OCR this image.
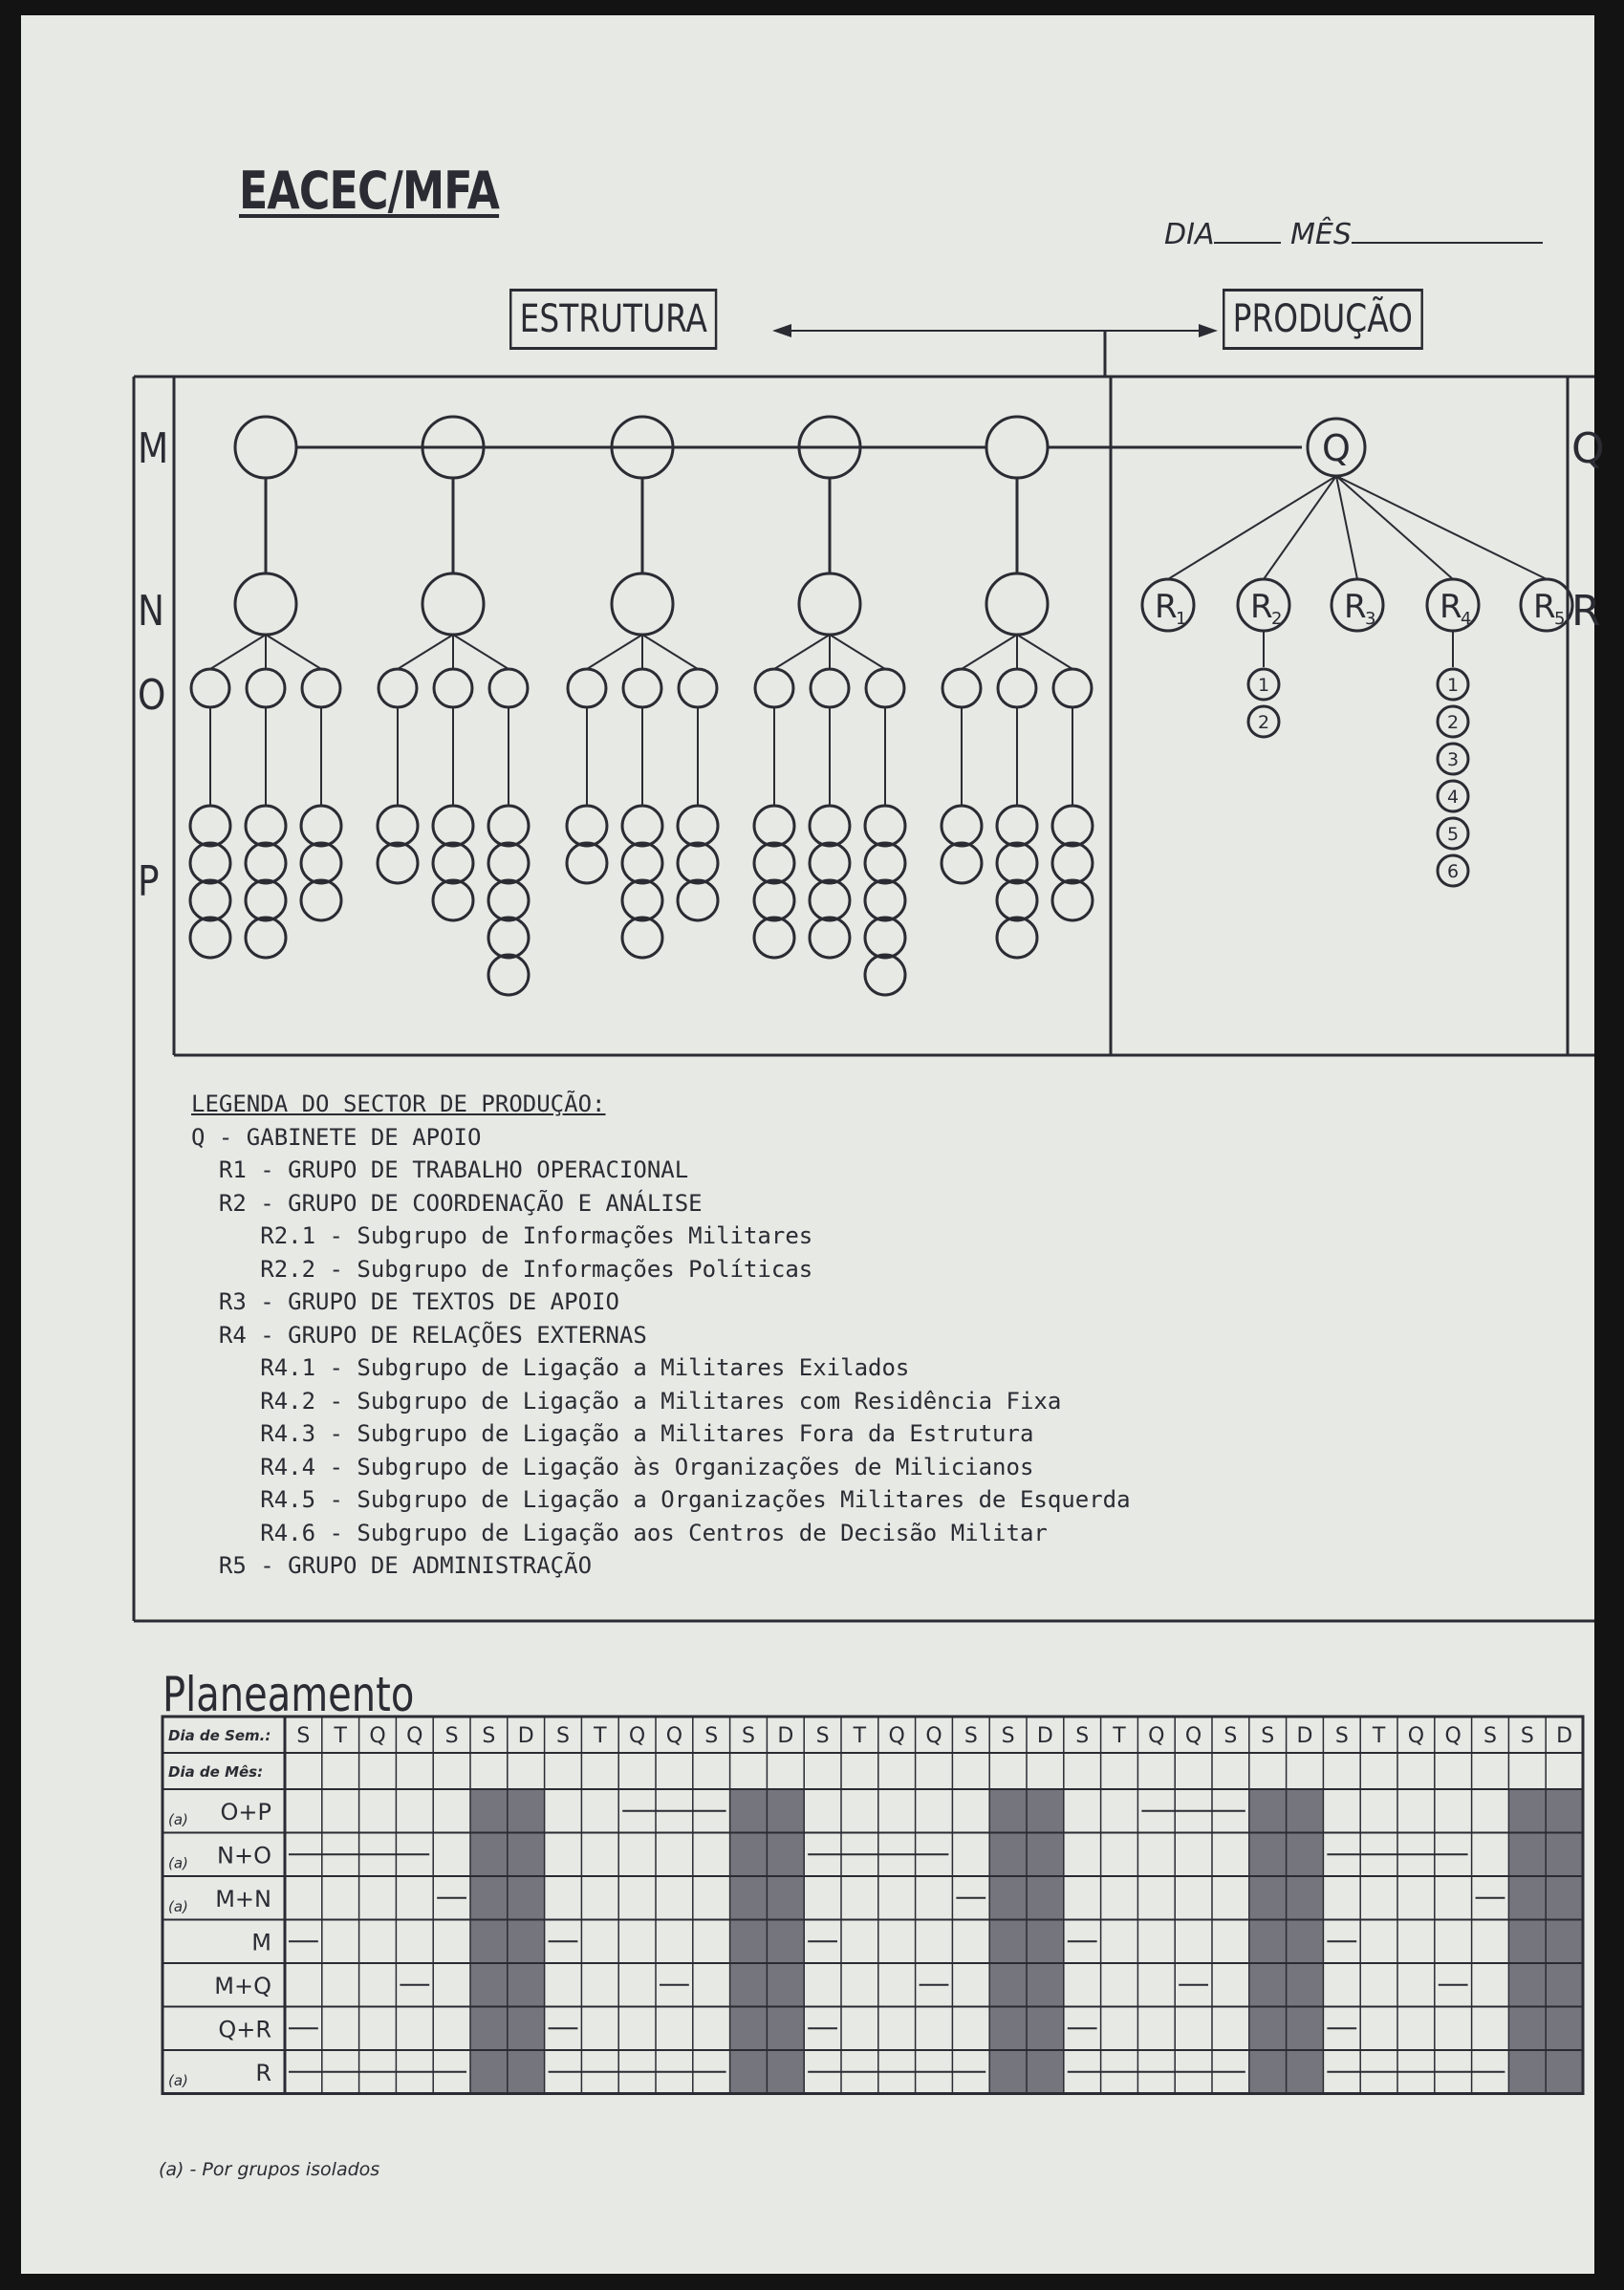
EACEC/MFA
DIA	MÊS
ESTRUTURA	PRODUÇÃO
M
N
O
P
Q
R
Q
R
1 R
2
1
2
R
3 R
4
1
2
3
4
5
6
R
5
LEGENDA DO SECTOR DE PRODUÇÃO:
Q - GABINETE DE APOIO
R1 - GRUPO DE TRABALHO OPERACIONAL
R2 - GRUPO DE COORDENAÇÃO E ANÁLISE
R2.1 - Subgrupo de Informações Militares
R2.2 - Subgrupo de Informações Políticas
R3 - GRUPO DE TEXTOS DE APOIO
R4 - GRUPO DE RELAÇÕES EXTERNAS
R4.1 - Subgrupo de Ligação a Militares Exilados
R4.2 - Subgrupo de Ligação a Militares com Residência Fixa
R4.3 - Subgrupo de Ligação a Militares Fora da Estrutura
R4.4 - Subgrupo de Ligação às Organizações de Milicianos
R4.5 - Subgrupo de Ligação a Organizações Militares de Esquerda
R4.6 - Subgrupo de Ligação aos Centros de Decisão Militar
R5 - GRUPO DE ADMINISTRAÇÃO
Planeamento
Dia de Sem.:
Dia de Mês:
S T Q Q S S D S T Q Q S S D S T Q Q S S D S T Q Q S S D S T Q Q S S D
(a) O+P
(a) N+O
(a) M+N
M
M+Q
Q+R
(a)	R
(a) - Por grupos isolados
